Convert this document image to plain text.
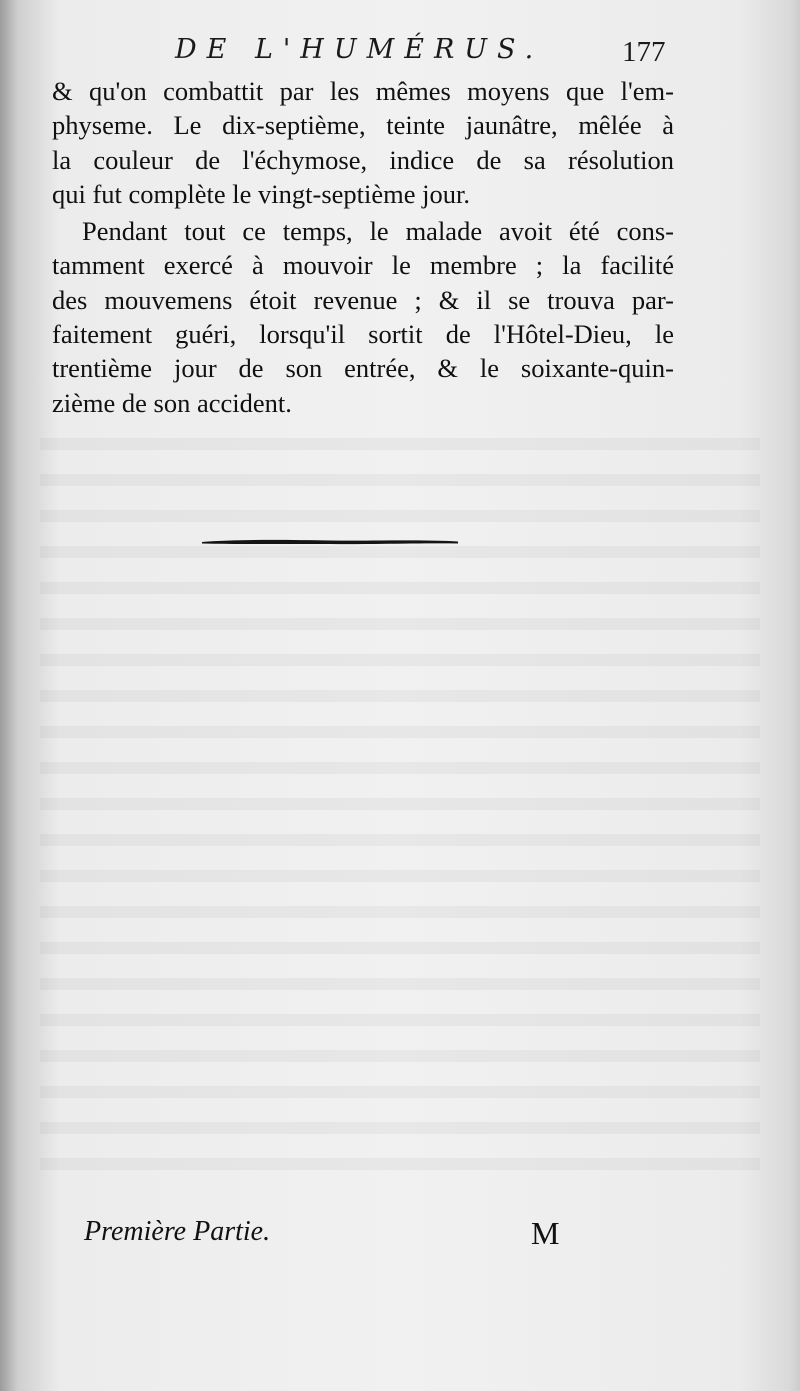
DE L'HUMÉRUS.	177
& qu'on combattit par les mêmes moyens que l'em-
physeme. Le dix-septième, teinte jaunâtre, mêlée à
la couleur de l'échymose, indice de sa résolution
qui fut complète le vingt-septième jour.
Pendant tout ce temps, le malade avoit été cons-
tamment exercé à mouvoir le membre ; la facilité
des mouvemens étoit revenue ; & il se trouva par-
faitement guéri, lorsqu'il sortit de l'Hôtel-Dieu, le
trentième jour de son entrée, & le soixante-quin-
zième de son accident.
Première Partie.	M
